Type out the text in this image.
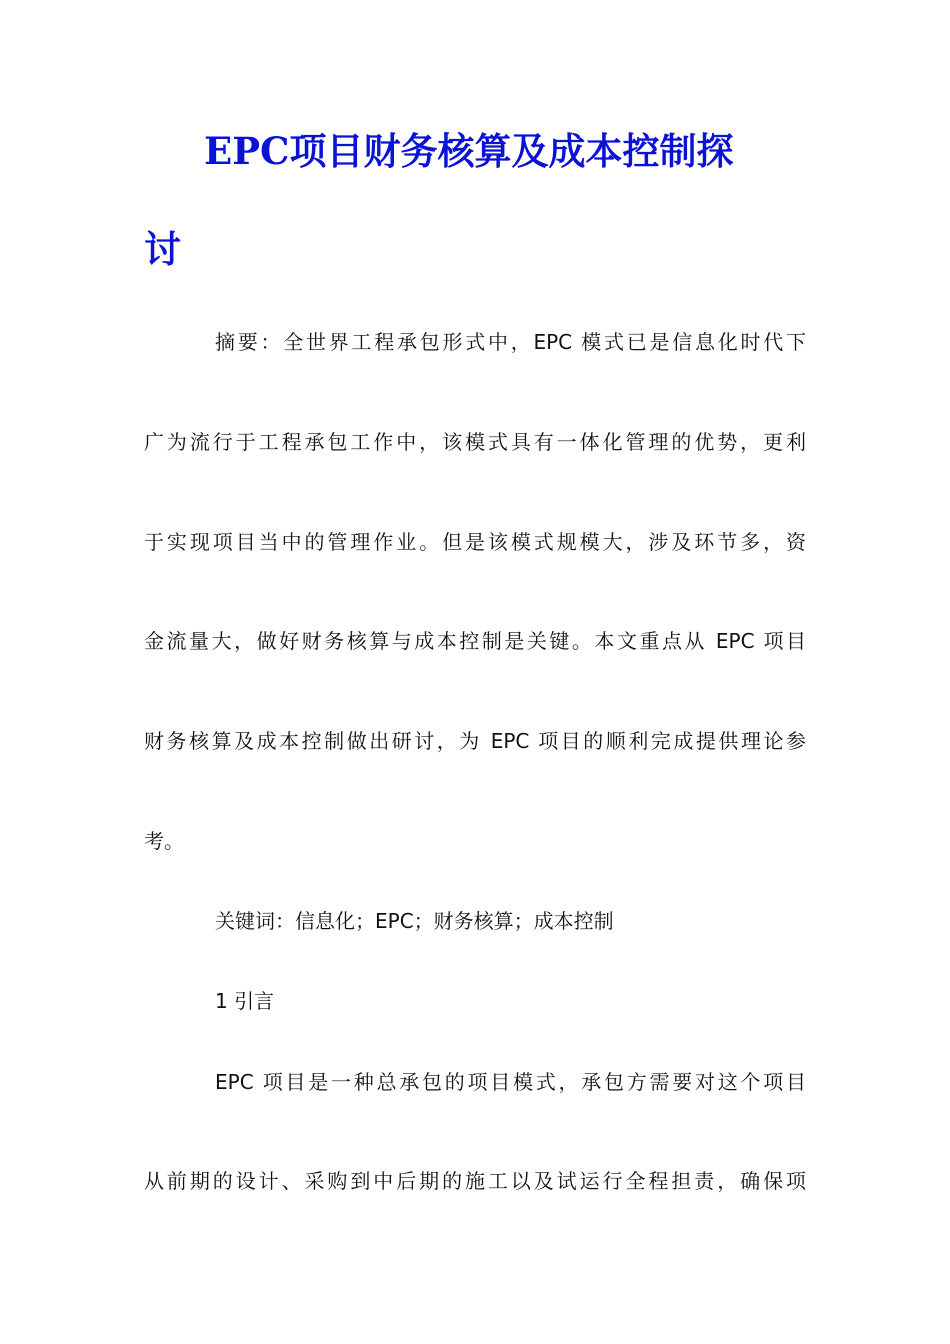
EPC项目财务核算及成本控制探
讨

摘要：全世界工程承包形式中，EPC 模式已是信息化时代下

广为流行于工程承包工作中，该模式具有一体化管理的优势，更利

于实现项目当中的管理作业。但是该模式规模大，涉及环节多，资

金流量大，做好财务核算与成本控制是关键。本文重点从 EPC 项目

财务核算及成本控制做出研讨，为 EPC 项目的顺利完成提供理论参

考。

关键词：信息化；EPC；财务核算；成本控制

1 引言

EPC 项目是一种总承包的项目模式，承包方需要对这个项目

从前期的设计、采购到中后期的施工以及试运行全程担责，确保项
